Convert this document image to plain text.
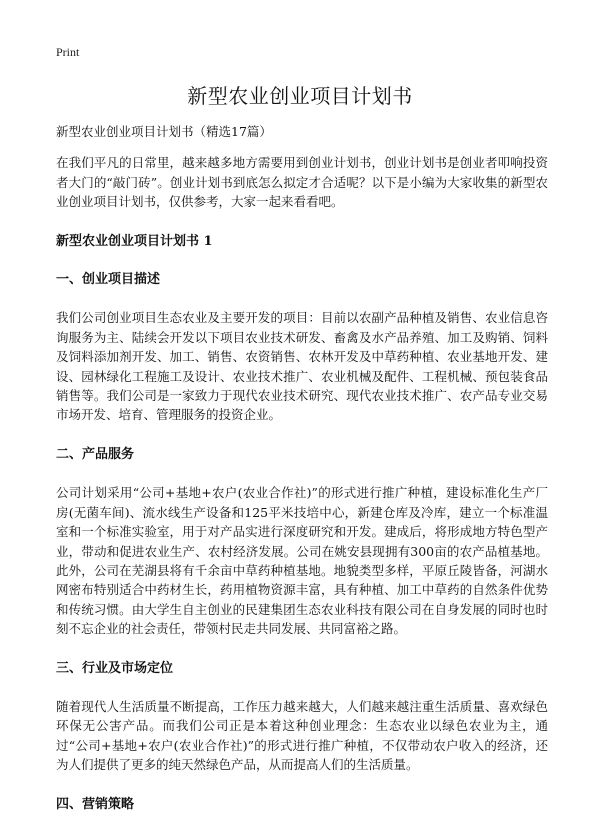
Print
新型农业创业项目计划书

新型农业创业项目计划书（精选17篇）

在我们平凡的日常里，越来越多地方需要用到创业计划书，创业计划书是创业者叩响投资者大门的“敲门砖”。创业计划书到底怎么拟定才合适呢？以下是小编为大家收集的新型农业创业项目计划书，仅供参考，大家一起来看看吧。

新型农业创业项目计划书 1

一、创业项目描述

我们公司创业项目生态农业及主要开发的项目：目前以农副产品种植及销售、农业信息咨询服务为主、陆续会开发以下项目农业技术研发、畜禽及水产品养殖、加工及购销、饲料及饲料添加剂开发、加工、销售、农资销售、农林开发及中草药种植、农业基地开发、建设、园林绿化工程施工及设计、农业技术推广、农业机械及配件、工程机械、预包装食品销售等。我们公司是一家致力于现代农业技术研究、现代农业技术推广、农产品专业交易市场开发、培育、管理服务的投资企业。

二、产品服务

公司计划采用“公司+基地+农户(农业合作社)”的形式进行推广种植，建设标准化生产厂房(无菌车间)、流水线生产设备和125平米技培中心，新建仓库及冷库，建立一个标准温室和一个标准实验室，用于对产品实进行深度研究和开发。建成后，将形成地方特色型产业，带动和促进农业生产、农村经济发展。公司在姚安县现拥有300亩的农产品植基地。此外，公司在芜湖县将有千余亩中草药种植基地。地貌类型多样，平原丘陵皆备，河湖水网密布特别适合中药材生长，药用植物资源丰富，具有种植、加工中草药的自然条件优势和传统习惯。由大学生自主创业的民建集团生态农业科技有限公司在自身发展的同时也时刻不忘企业的社会责任，带领村民走共同发展、共同富裕之路。

三、行业及市场定位

随着现代人生活质量不断提高，工作压力越来越大，人们越来越注重生活质量、喜欢绿色环保无公害产品。而我们公司正是本着这种创业理念：生态农业以绿色农业为主，通过“公司+基地+农户(农业合作社)”的形式进行推广种植，不仅带动农户收入的经济，还为人们提供了更多的纯天然绿色产品，从而提高人们的生活质量。

四、营销策略
